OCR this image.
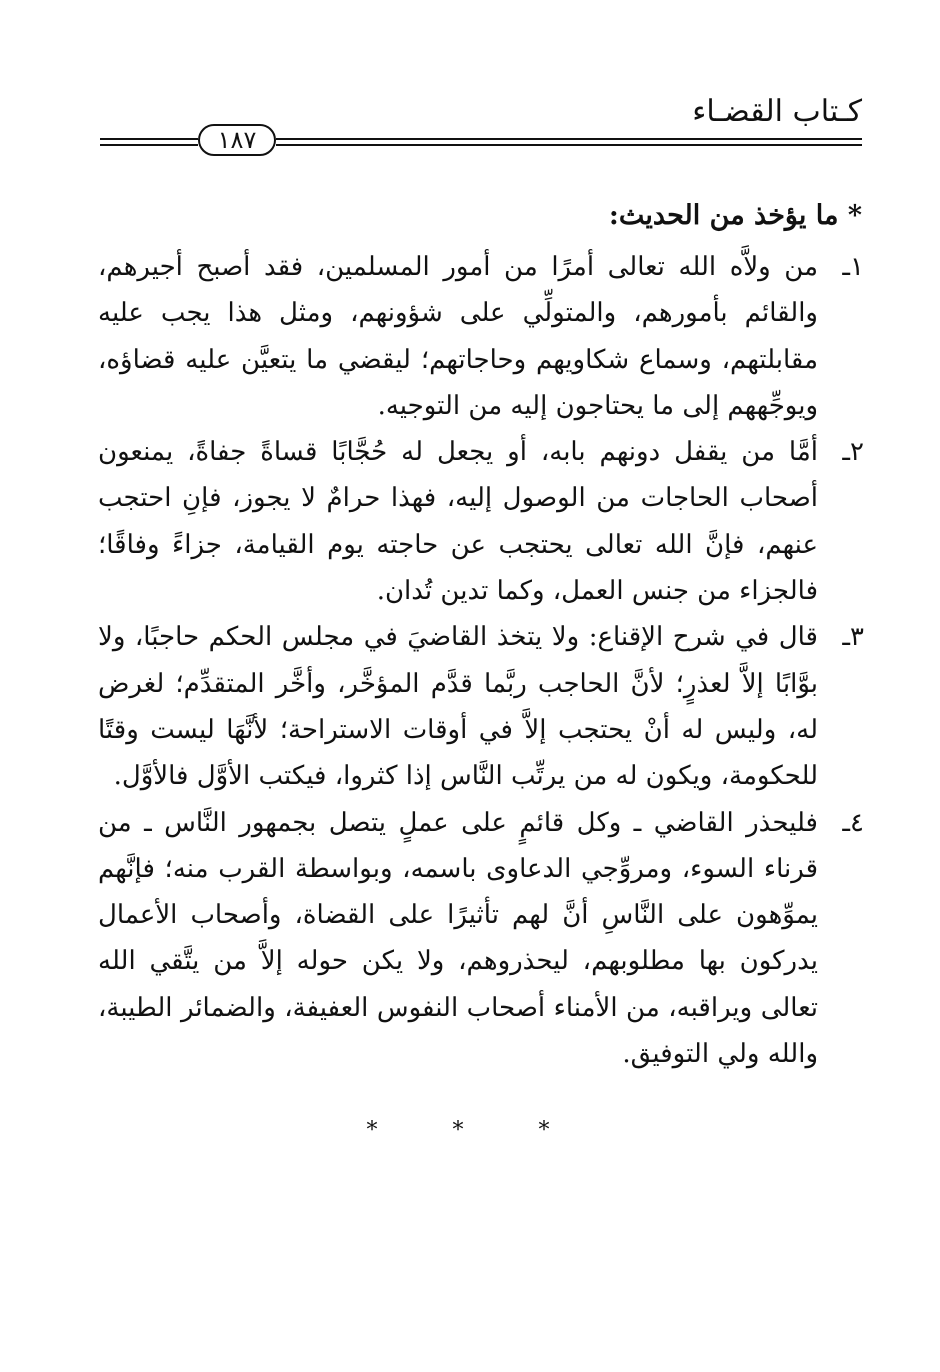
كـتاب القضـاء
١٨٧
* ما يؤخذ من الحديث:
١ـ
من ولاَّه الله تعالى أمرًا من أمور المسلمين، فقد أصبح أجيرهم، والقائم بأمورهم، والمتولِّي على شؤونهم، ومثل هذا يجب عليه مقابلتهم، وسماع شكاويهم وحاجاتهم؛ ليقضي ما يتعيَّن عليه قضاؤه، ويوجِّههم إلى ما يحتاجون إليه من التوجيه.
٢ـ
أمَّا من يقفل دونهم بابه، أو يجعل له حُجَّابًا قساةً جفاةً، يمنعون أصحاب الحاجات من الوصول إليه، فهذا حرامٌ لا يجوز، فإنِ احتجب عنهم، فإنَّ الله تعالى يحتجب عن حاجته يوم القيامة، جزاءً وفاقًا؛ فالجزاء من جنس العمل، وكما تدين تُدان.
٣ـ
قال في شرح الإقناع: ولا يتخذ القاضيَ في مجلس الحكم حاجبًا، ولا بوَّابًا إلاَّ لعذرٍ؛ لأنَّ الحاجب ربَّما قدَّم المؤخَّر، وأخَّر المتقدِّم؛ لغرض له، وليس له أنْ يحتجب إلاَّ في أوقات الاستراحة؛ لأنَّهَا ليست وقتًا للحكومة، ويكون له من يرتِّب النَّاس إذا كثروا، فيكتب الأوَّل فالأوَّل.
٤ـ
فليحذر القاضي ـ وكل قائمٍ على عملٍ يتصل بجمهور النَّاس ـ من قرناء السوء، ومروِّجي الدعاوى باسمه، وبواسطة القرب منه؛ فإنَّهم يموِّهون على النَّاسِ أنَّ لهم تأثيرًا على القضاة، وأصحاب الأعمال يدركون بها مطلوبهم، ليحذروهم، ولا يكن حوله إلاَّ من يتَّقي الله تعالى ويراقبه، من الأمناء أصحاب النفوس العفيفة، والضمائر الطيبة، والله ولي التوفيق.
* * *
